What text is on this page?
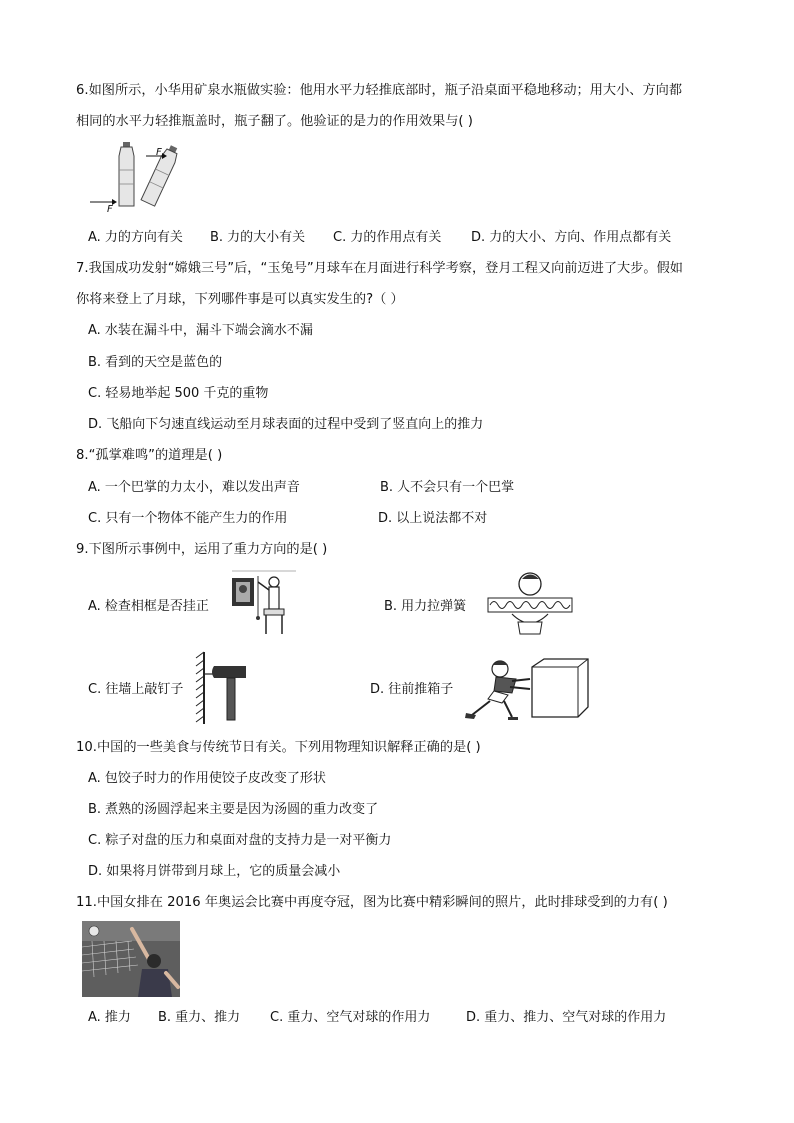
6.如图所示，小华用矿泉水瓶做实验：他用水平力轻推底部时，瓶子沿桌面平稳地移动；用大小、方向都
相同的水平力轻推瓶盖时，瓶子翻了。他验证的是力的作用效果与( )
F
F
A. 力的方向有关 B. 力的大小有关 C. 力的作用点有关 D. 力的大小、方向、作用点都有关
7.我国成功发射“嫦娥三号”后，“玉兔号”月球车在月面进行科学考察，登月工程又向前迈进了大步。假如
你将来登上了月球，下列哪件事是可以真实发生的?（ ）
A. 水装在漏斗中，漏斗下端会滴水不漏
B. 看到的天空是蓝色的
C. 轻易地举起 500 千克的重物
D. 飞船向下匀速直线运动至月球表面的过程中受到了竖直向上的推力
8.“孤掌难鸣”的道理是( )
A. 一个巴掌的力太小，难以发出声音	B. 人不会只有一个巴掌
C. 只有一个物体不能产生力的作用	D. 以上说法都不对
9.下图所示事例中，运用了重力方向的是( )
A. 检查相框是否挂正	B. 用力拉弹簧
C. 往墙上敲钉子	D. 往前推箱子
10.中国的一些美食与传统节日有关。下列用物理知识解释正确的是( )
A. 包饺子时力的作用使饺子皮改变了形状
B. 煮熟的汤圆浮起来主要是因为汤圆的重力改变了
C. 粽子对盘的压力和桌面对盘的支持力是一对平衡力
D. 如果将月饼带到月球上，它的质量会减小
11.中国女排在 2016 年奥运会比赛中再度夺冠，图为比赛中精彩瞬间的照片，此时排球受到的力有( )
A. 推力 B. 重力、推力 C. 重力、空气对球的作用力	D. 重力、推力、空气对球的作用力
